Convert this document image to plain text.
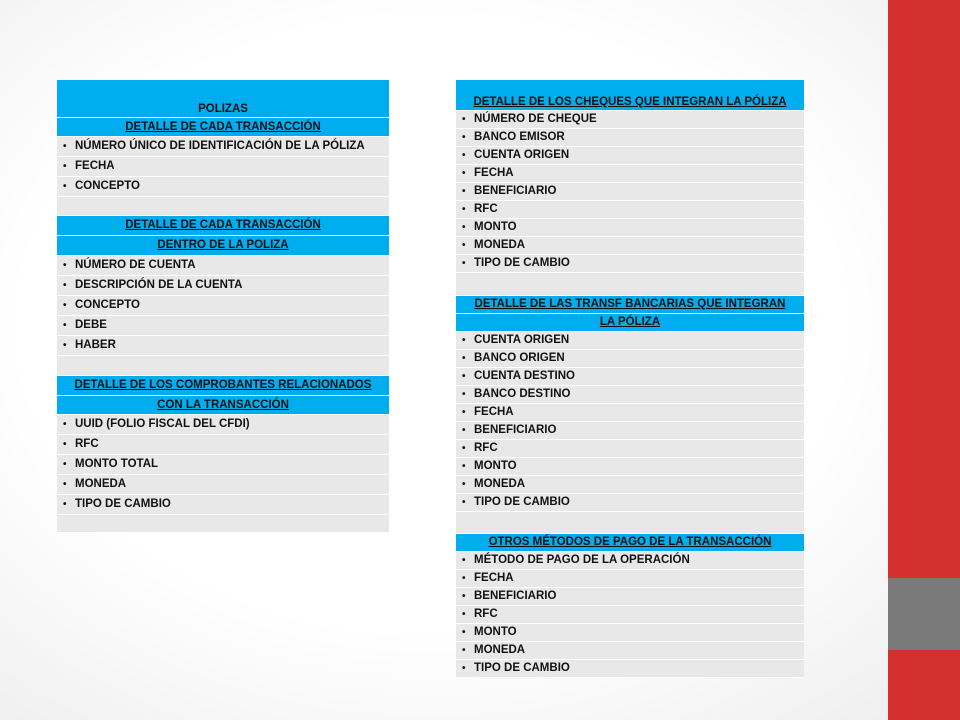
POLIZAS
DETALLE DE CADA TRANSACCIÓN
• NÚMERO ÚNICO DE IDENTIFICACIÓN DE LA PÓLIZA
• FECHA
• CONCEPTO

DETALLE DE CADA TRANSACCIÓN
DENTRO DE LA POLIZA
• NÚMERO DE CUENTA
• DESCRIPCIÓN DE LA CUENTA
• CONCEPTO
• DEBE
• HABER

DETALLE DE LOS COMPROBANTES RELACIONADOS
CON LA TRANSACCIÓN
• UUID (FOLIO FISCAL DEL CFDI)
• RFC
• MONTO TOTAL
• MONEDA
• TIPO DE CAMBIO

DETALLE DE LOS CHEQUES QUE INTEGRAN LA PÓLIZA
• NÚMERO DE CHEQUE
• BANCO EMISOR
• CUENTA ORIGEN
• FECHA
• BENEFICIARIO
• RFC
• MONTO
• MONEDA
• TIPO DE CAMBIO

DETALLE DE LAS TRANSF BANCARIAS QUE INTEGRAN
LA PÓLIZA
• CUENTA ORIGEN
• BANCO ORIGEN
• CUENTA DESTINO
• BANCO DESTINO
• FECHA
• BENEFICIARIO
• RFC
• MONTO
• MONEDA
• TIPO DE CAMBIO

OTROS MÉTODOS DE PAGO DE LA TRANSACCIÓN
• MÉTODO DE PAGO DE LA OPERACIÓN
• FECHA
• BENEFICIARIO
• RFC
• MONTO
• MONEDA
• TIPO DE CAMBIO
